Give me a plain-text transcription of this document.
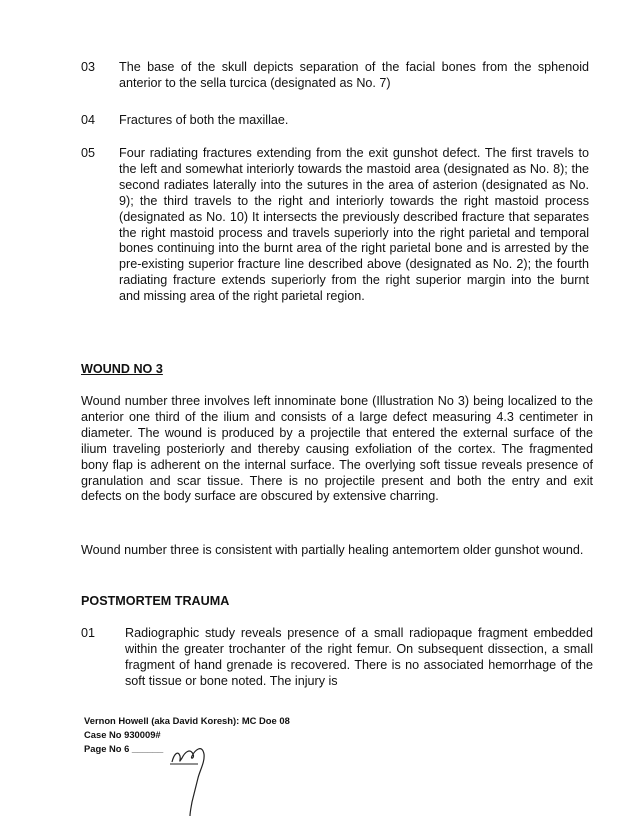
03 The base of the skull depicts separation of the facial bones from the sphenoid anterior to the sella turcica (designated as No. 7)
04 Fractures of both the maxillae.
05 Four radiating fractures extending from the exit gunshot defect. The first travels to the left and somewhat interiorly towards the mastoid area (designated as No. 8); the second radiates laterally into the sutures in the area of asterion (designated as No. 9); the third travels to the right and interiorly towards the right mastoid process (designated as No. 10) It intersects the previously described fracture that separates the right mastoid process and travels superiorly into the right parietal and temporal bones continuing into the burnt area of the right parietal bone and is arrested by the pre-existing superior fracture line described above (designated as No. 2); the fourth radiating fracture extends superiorly from the right superior margin into the burnt and missing area of the right parietal region.
WOUND NO 3
Wound number three involves left innominate bone (Illustration No 3) being localized to the anterior one third of the ilium and consists of a large defect measuring 4.3 centimeter in diameter. The wound is produced by a projectile that entered the external surface of the ilium traveling posteriorly and thereby causing exfoliation of the cortex. The fragmented bony flap is adherent on the internal surface. The overlying soft tissue reveals presence of granulation and scar tissue. There is no projectile present and both the entry and exit defects on the body surface are obscured by extensive charring.
Wound number three is consistent with partially healing antemortem older gunshot wound.
POSTMORTEM TRAUMA
01 Radiographic study reveals presence of a small radiopaque fragment embedded within the greater trochanter of the right femur. On subsequent dissection, a small fragment of hand grenade is recovered. There is no associated hemorrhage of the soft tissue or bone noted. The injury is
Vernon Howell (aka David Koresh): MC Doe 08
Case No 930009#
Page No 6 ______
